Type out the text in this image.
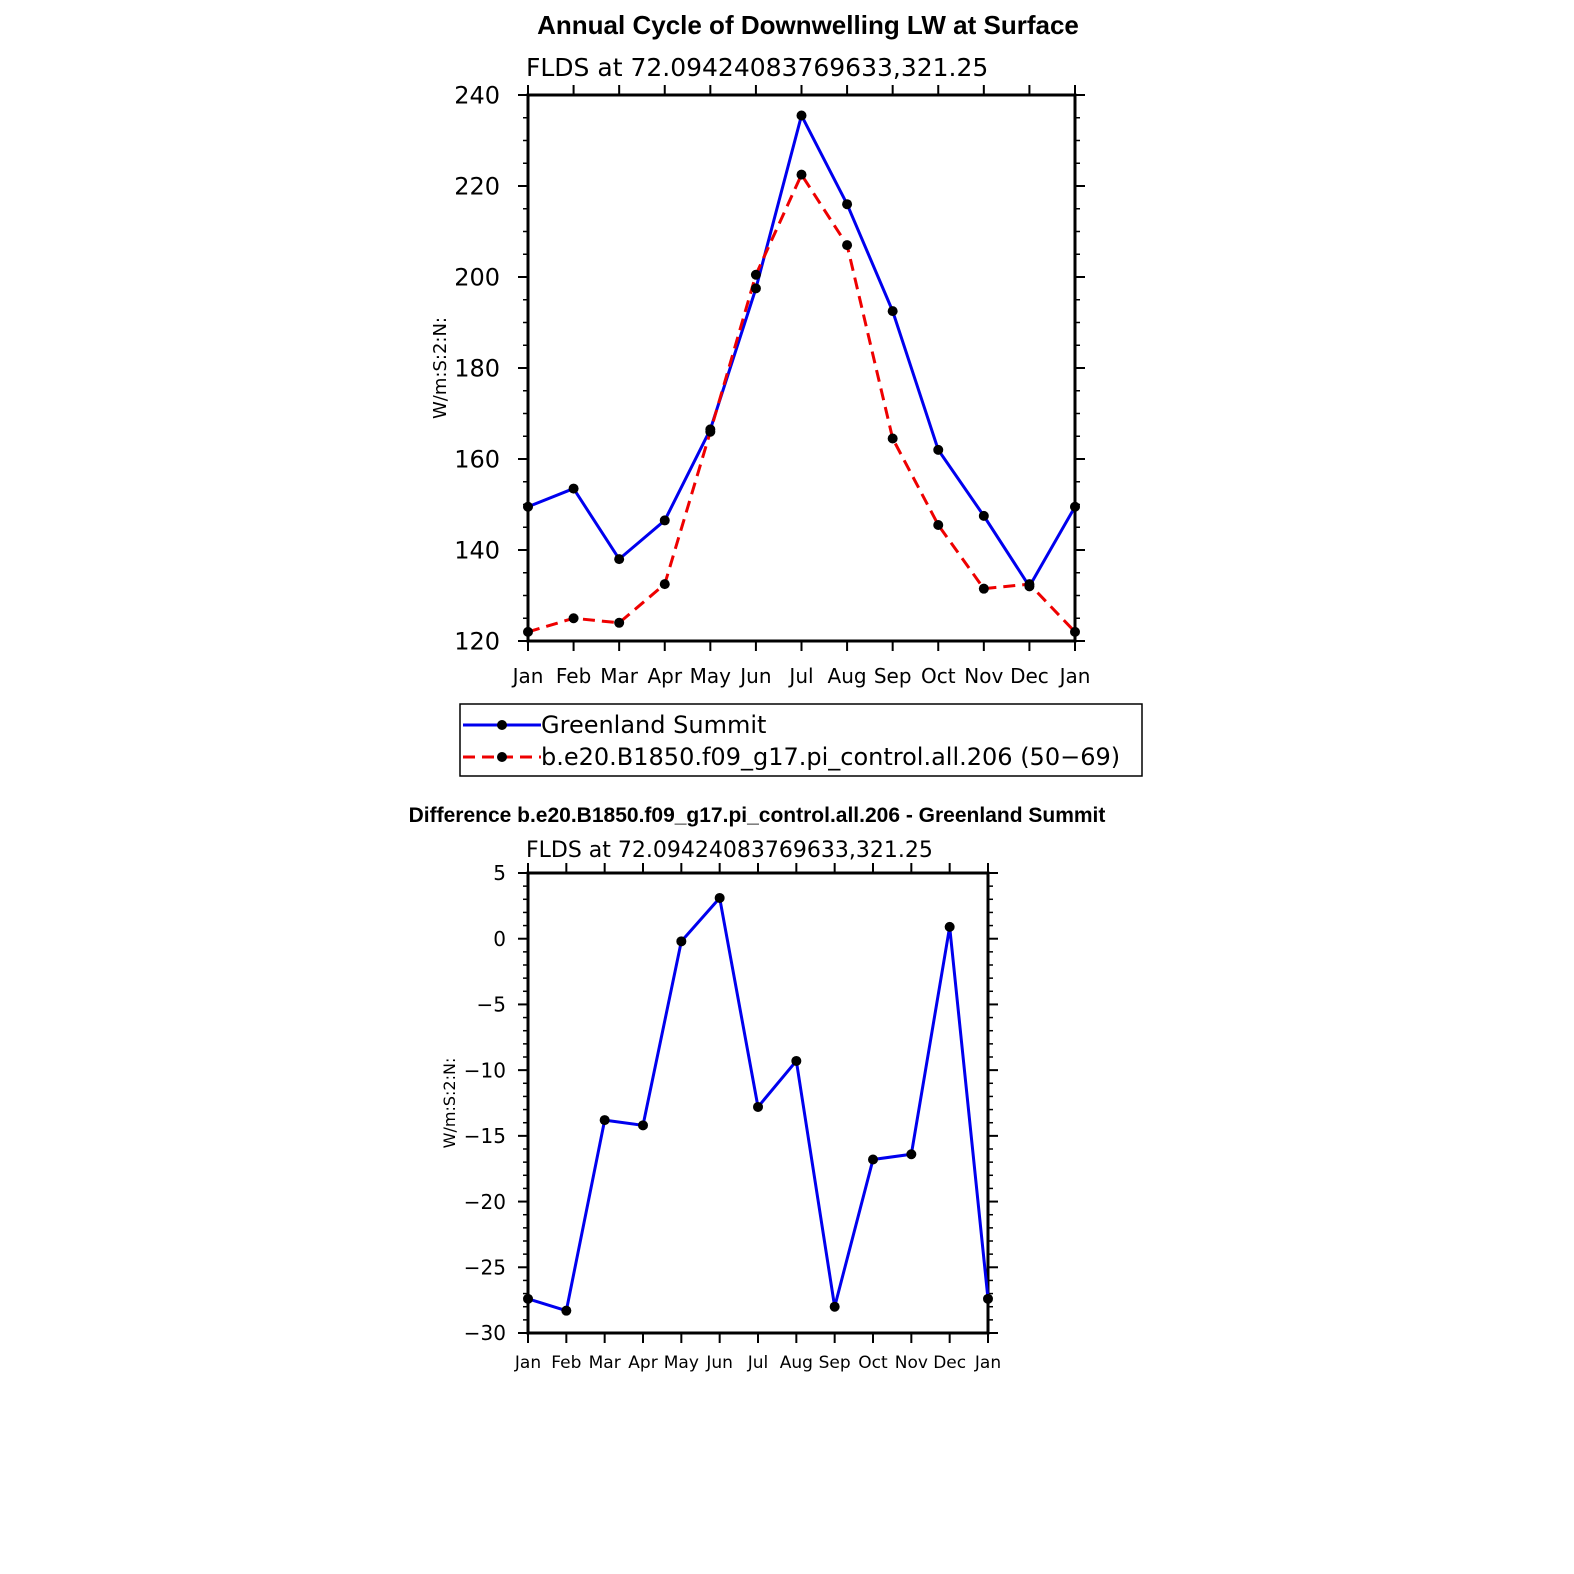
Annual Cycle of Downwelling LW at Surface
FLDS at 72.09424083769633,321.25
W/m:S:2:N:
120
140
160
180
200
220
240
Jan Feb Mar Apr May Jun Jul Aug Sep Oct Nov Dec Jan
Greenland Summit
b.e20.B1850.f09_g17.pi_control.all.206 (50−69)
Difference b.e20.B1850.f09_g17.pi_control.all.206 - Greenland Summit
FLDS at 72.09424083769633,321.25
W/m:S:2:N:
−30
−25
−20
−15
−10
−5
0
5
Jan Feb Mar Apr May Jun Jul Aug Sep Oct Nov Dec Jan
